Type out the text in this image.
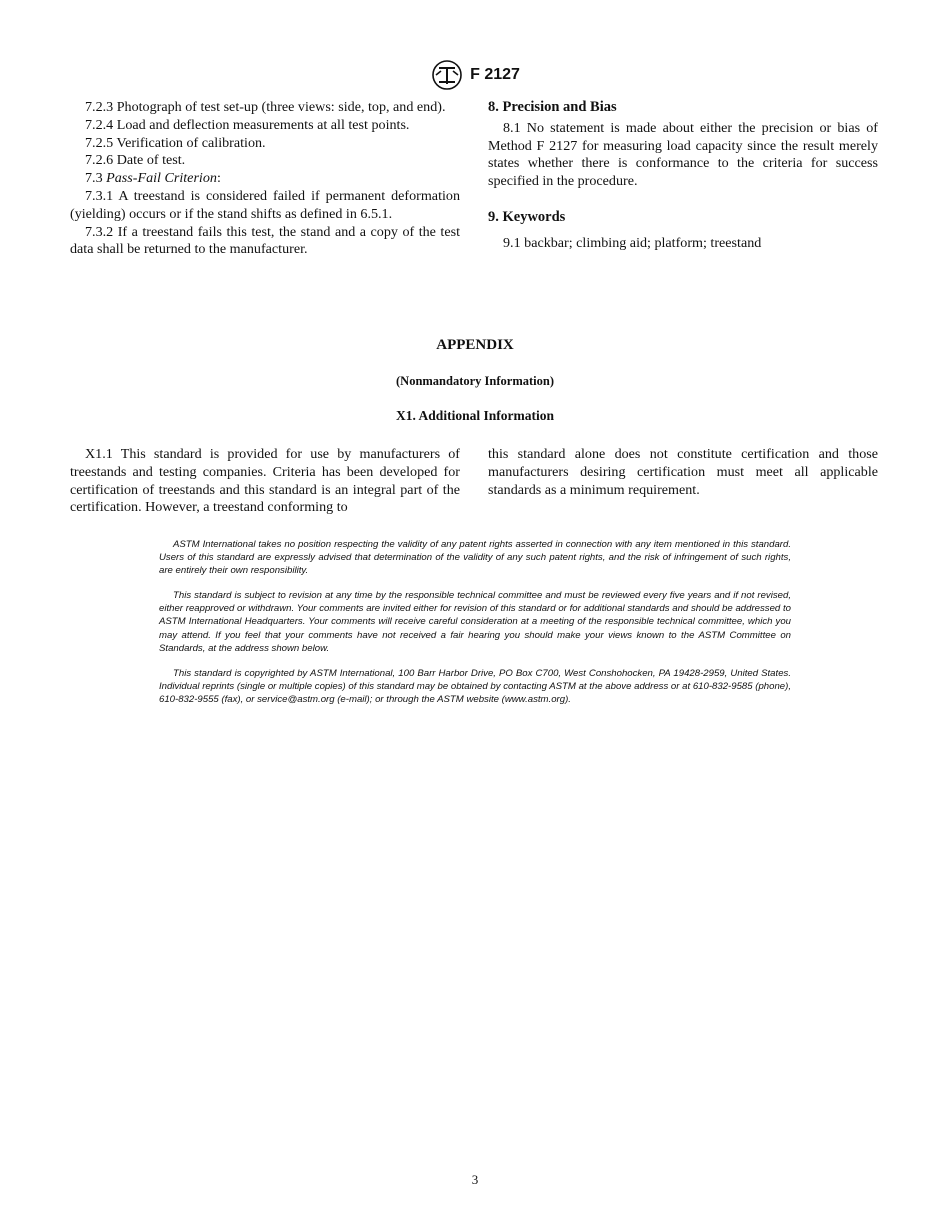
F 2127

7.2.3 Photograph of test set-up (three views: side, top, and end).

7.2.4 Load and deflection measurements at all test points.

7.2.5 Verification of calibration.

7.2.6 Date of test.

7.3 Pass-Fail Criterion:

7.3.1 A treestand is considered failed if permanent deformation (yielding) occurs or if the stand shifts as defined in 6.5.1.

7.3.2 If a treestand fails this test, the stand and a copy of the test data shall be returned to the manufacturer.

8. Precision and Bias

8.1 No statement is made about either the precision or bias of Method F 2127 for measuring load capacity since the result merely states whether there is conformance to the criteria for success specified in the procedure.

9. Keywords

9.1 backbar; climbing aid; platform; treestand

APPENDIX
(Nonmandatory Information)
X1. Additional Information

X1.1 This standard is provided for use by manufacturers of treestands and testing companies. Criteria has been developed for certification of treestands and this standard is an integral part of the certification. However, a treestand conforming to

this standard alone does not constitute certification and those manufacturers desiring certification must meet all applicable standards as a minimum requirement.

ASTM International takes no position respecting the validity of any patent rights asserted in connection with any item mentioned in this standard. Users of this standard are expressly advised that determination of the validity of any such patent rights, and the risk of infringement of such rights, are entirely their own responsibility.

This standard is subject to revision at any time by the responsible technical committee and must be reviewed every five years and if not revised, either reapproved or withdrawn. Your comments are invited either for revision of this standard or for additional standards and should be addressed to ASTM International Headquarters. Your comments will receive careful consideration at a meeting of the responsible technical committee, which you may attend. If you feel that your comments have not received a fair hearing you should make your views known to the ASTM Committee on Standards, at the address shown below.

This standard is copyrighted by ASTM International, 100 Barr Harbor Drive, PO Box C700, West Conshohocken, PA 19428-2959, United States. Individual reprints (single or multiple copies) of this standard may be obtained by contacting ASTM at the above address or at 610-832-9585 (phone), 610-832-9555 (fax), or service@astm.org (e-mail); or through the ASTM website (www.astm.org).

3
